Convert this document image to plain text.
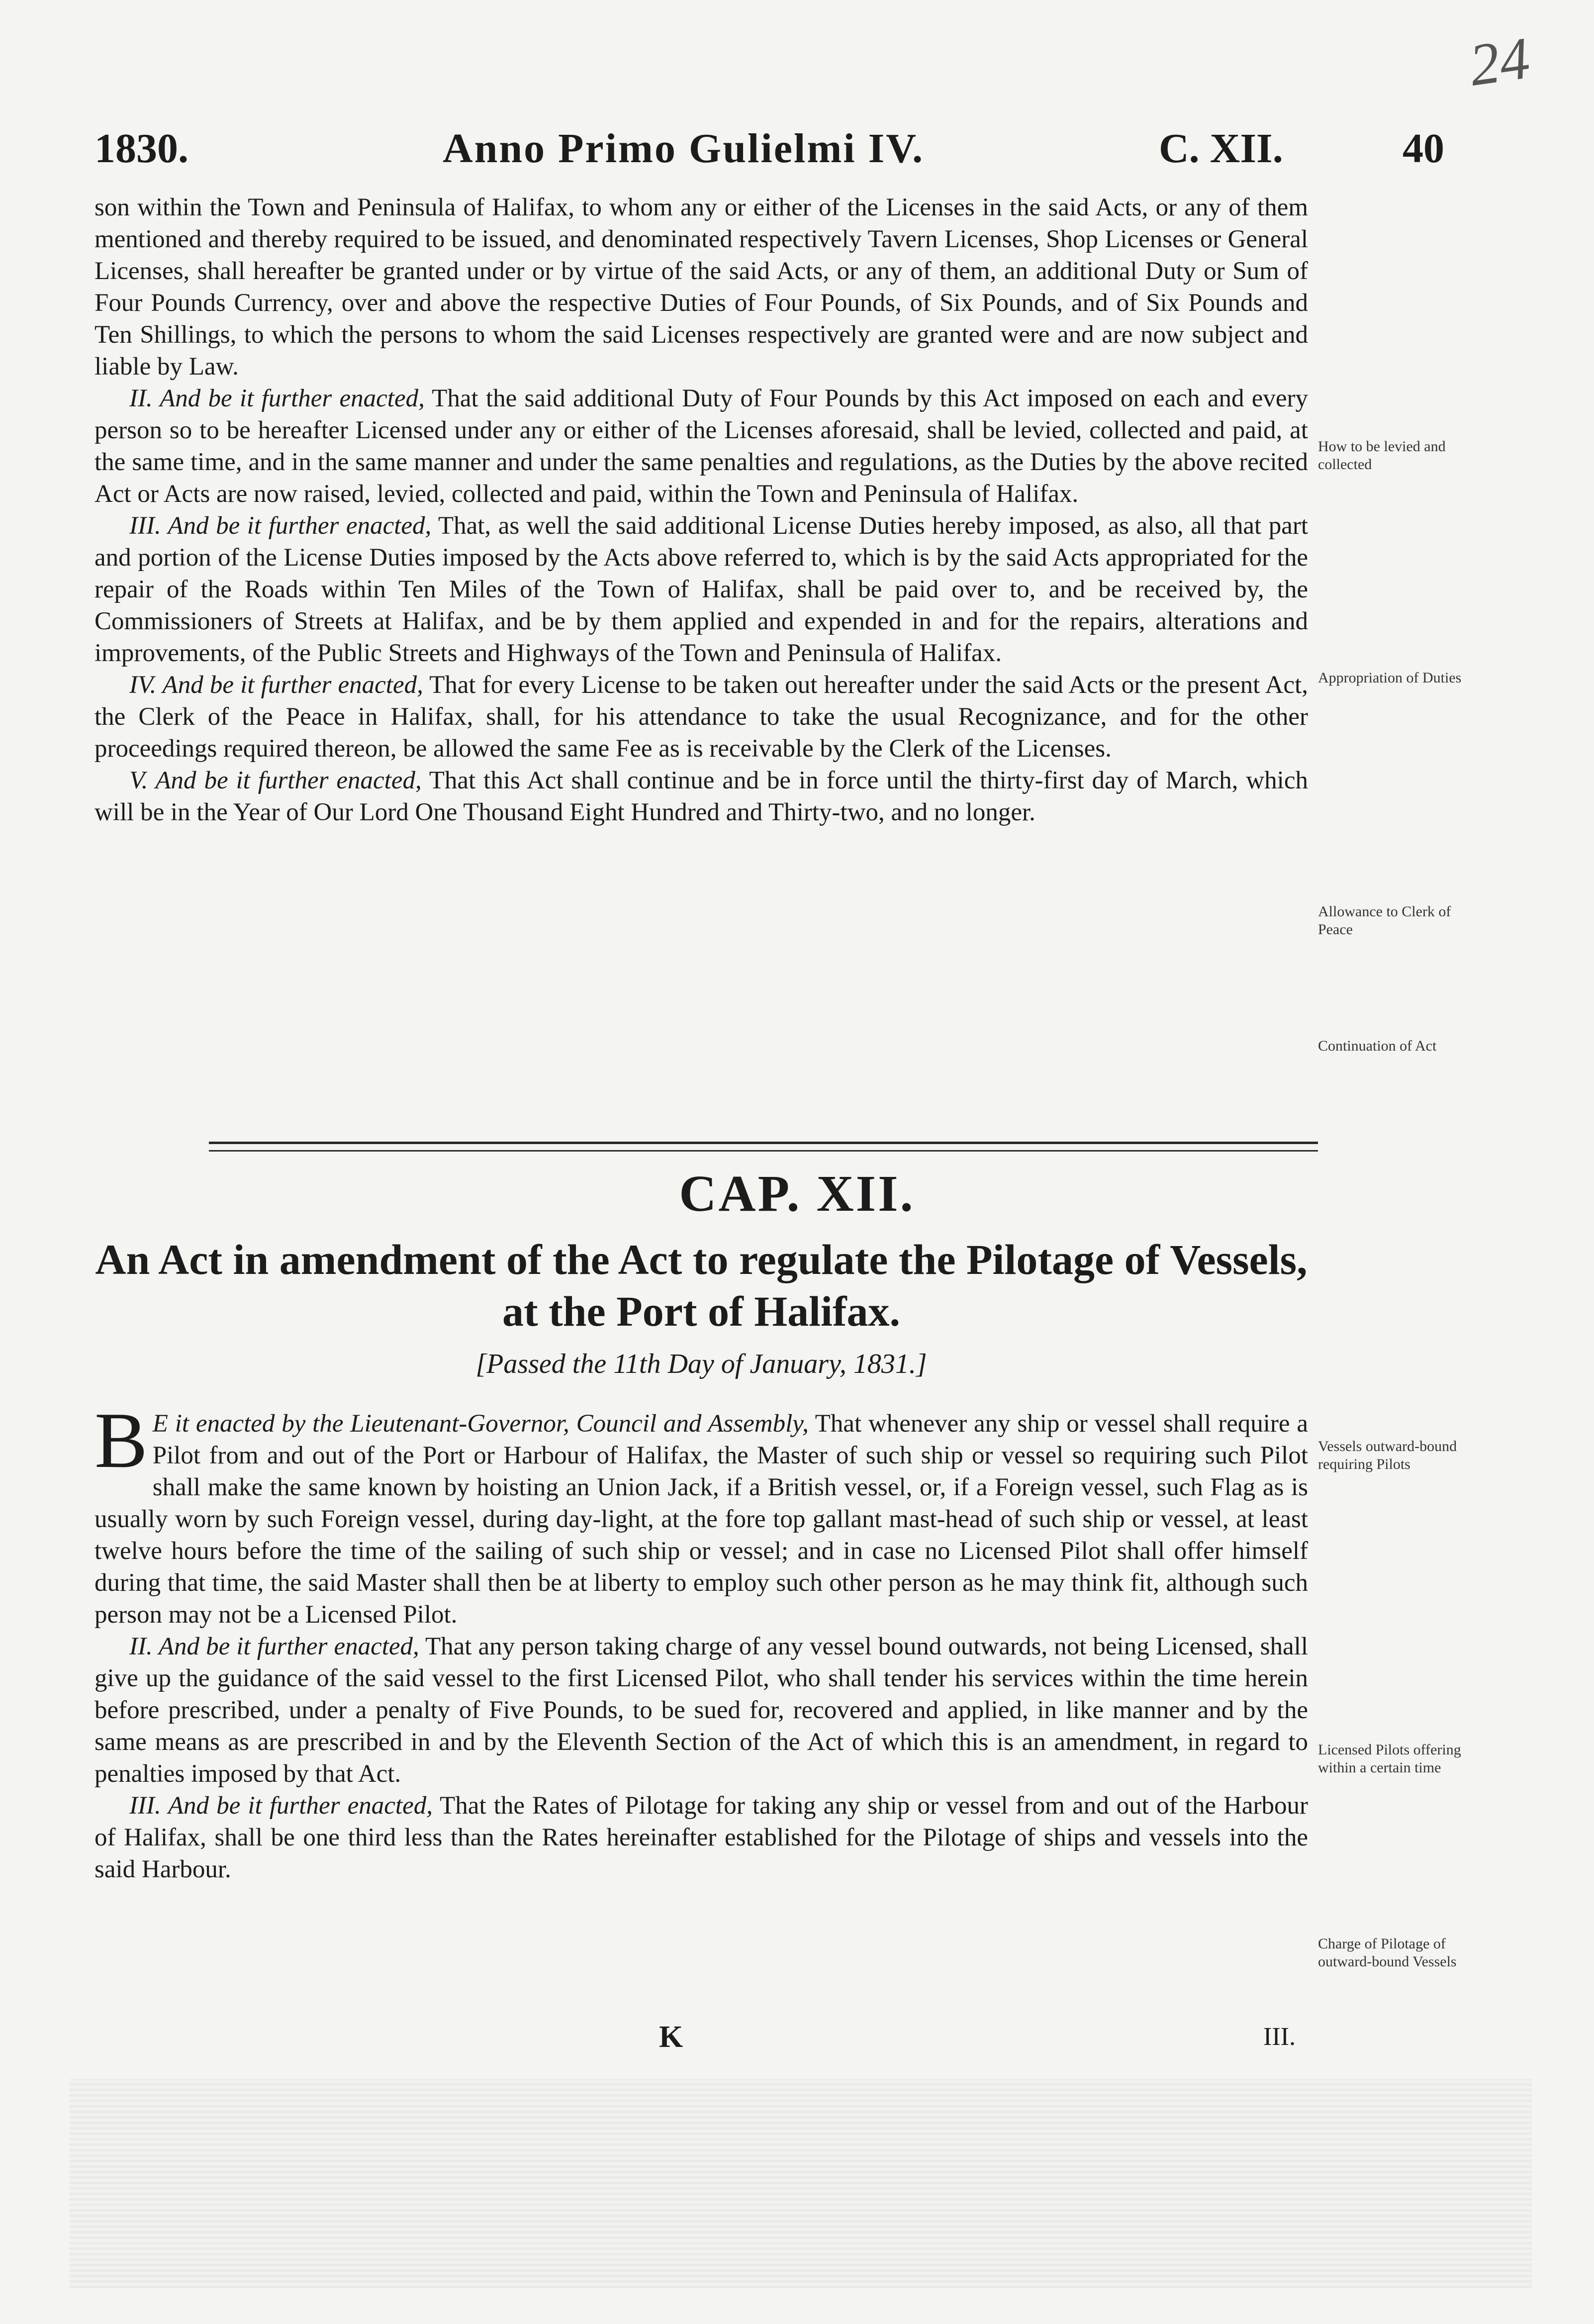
24
1830.	Anno Primo Gulielmi IV.	C. XII.	40

son within the Town and Peninsula of Halifax, to whom any or either of the Licenses in the said Acts, or any of them mentioned and thereby required to be issued, and denominated respectively Tavern Licenses, Shop Licenses or General Licenses, shall hereafter be granted under or by virtue of the said Acts, or any of them, an additional Duty or Sum of Four Pounds Currency, over and above the respective Duties of Four Pounds, of Six Pounds, and of Six Pounds and Ten Shillings, to which the persons to whom the said Licenses respectively are granted were and are now subject and liable by Law.

II. And be it further enacted, That the said additional Duty of Four Pounds by this Act imposed on each and every person so to be hereafter Licensed under any or either of the Licenses aforesaid, shall be levied, collected and paid, at the same time, and in the same manner and under the same penalties and regulations, as the Duties by the above recited Act or Acts are now raised, levied, collected and paid, within the Town and Peninsula of Halifax.

III. And be it further enacted, That, as well the said additional License Duties hereby imposed, as also, all that part and portion of the License Duties imposed by the Acts above referred to, which is by the said Acts appropriated for the repair of the Roads within Ten Miles of the Town of Halifax, shall be paid over to, and be received by, the Commissioners of Streets at Halifax, and be by them applied and expended in and for the repairs, alterations and improvements, of the Public Streets and Highways of the Town and Peninsula of Halifax.

IV. And be it further enacted, That for every License to be taken out hereafter under the said Acts or the present Act, the Clerk of the Peace in Halifax, shall, for his attendance to take the usual Recognizance, and for the other proceedings required thereon, be allowed the same Fee as is receivable by the Clerk of the Licenses.

V. And be it further enacted, That this Act shall continue and be in force until the thirty-first day of March, which will be in the Year of Our Lord One Thousand Eight Hundred and Thirty-two, and no longer.

How to be levied and collected
Appropriation of Duties
Allowance to Clerk of Peace
Continuation of Act
CAP. XII.
An Act in amendment of the Act to regulate the Pilotage of Vessels, at the Port of Halifax.
[Passed the 11th Day of January, 1831.]

B E it enacted by the Lieutenant-Governor, Council and Assembly, That whenever any ship or vessel shall require a Pilot from and out of the Port or Harbour of Halifax, the Master of such ship or vessel so requiring such Pilot shall make the same known by hoisting an Union Jack, if a British vessel, or, if a Foreign vessel, such Flag as is usually worn by such Foreign vessel, during day-light, at the fore top gallant mast-head of such ship or vessel, at least twelve hours before the time of the sailing of such ship or vessel; and in case no Licensed Pilot shall offer himself during that time, the said Master shall then be at liberty to employ such other person as he may think fit, although such person may not be a Licensed Pilot.

II. And be it further enacted, That any person taking charge of any vessel bound outwards, not being Licensed, shall give up the guidance of the said vessel to the first Licensed Pilot, who shall tender his services within the time herein before prescribed, under a penalty of Five Pounds, to be sued for, recovered and applied, in like manner and by the same means as are prescribed in and by the Eleventh Section of the Act of which this is an amendment, in regard to penalties imposed by that Act.

III. And be it further enacted, That the Rates of Pilotage for taking any ship or vessel from and out of the Harbour of Halifax, shall be one third less than the Rates hereinafter established for the Pilotage of ships and vessels into the said Harbour.

Vessels outward-bound requiring Pilots
Licensed Pilots offering within a certain time
Charge of Pilotage of outward-bound Vessels
K	III.
